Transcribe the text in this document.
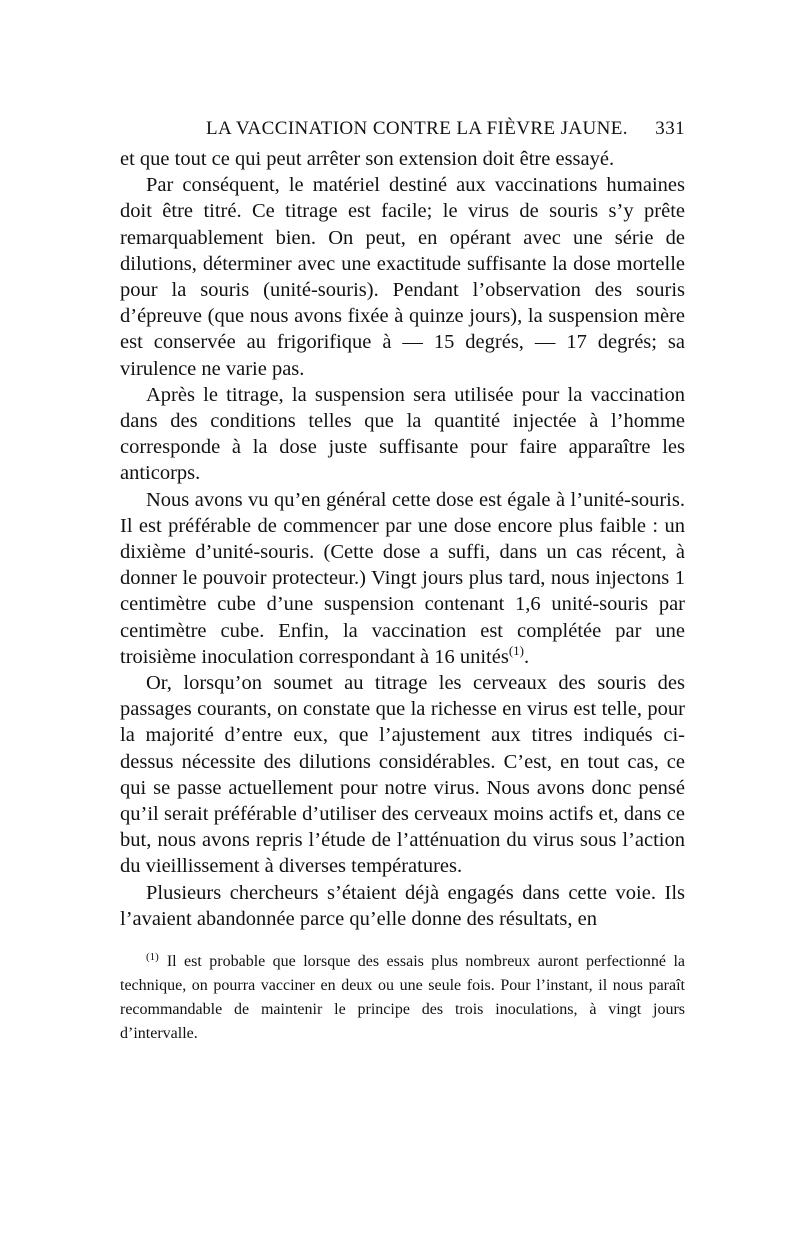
LA VACCINATION CONTRE LA FIÈVRE JAUNE. 331

et que tout ce qui peut arrêter son extension doit être essayé.

Par conséquent, le matériel destiné aux vaccinations humaines doit être titré. Ce titrage est facile; le virus de souris s’y prête remarquablement bien. On peut, en opérant avec une série de dilutions, déterminer avec une exactitude suffisante la dose mortelle pour la souris (unité-souris). Pendant l’observation des souris d’épreuve (que nous avons fixée à quinze jours), la suspension mère est conservée au frigorifique à — 15 degrés, — 17 degrés; sa virulence ne varie pas.

Après le titrage, la suspension sera utilisée pour la vaccination dans des conditions telles que la quantité injectée à l’homme corresponde à la dose juste suffisante pour faire apparaître les anticorps.

Nous avons vu qu’en général cette dose est égale à l’unité-souris. Il est préférable de commencer par une dose encore plus faible : un dixième d’unité-souris. (Cette dose a suffi, dans un cas récent, à donner le pouvoir protecteur.) Vingt jours plus tard, nous injectons 1 centimètre cube d’une suspension contenant 1,6 unité-souris par centimètre cube. Enfin, la vaccination est complétée par une troisième inoculation correspondant à 16 unités$^{(1)}$.

Or, lorsqu’on soumet au titrage les cerveaux des souris des passages courants, on constate que la richesse en virus est telle, pour la majorité d’entre eux, que l’ajustement aux titres indiqués ci-dessus nécessite des dilutions considérables. C’est, en tout cas, ce qui se passe actuellement pour notre virus. Nous avons donc pensé qu’il serait préférable d’utiliser des cerveaux moins actifs et, dans ce but, nous avons repris l’étude de l’atténuation du virus sous l’action du vieillissement à diverses températures.

Plusieurs chercheurs s’étaient déjà engagés dans cette voie. Ils l’avaient abandonnée parce qu’elle donne des résultats, en

$^{(1)}$ Il est probable que lorsque des essais plus nombreux auront perfectionné la technique, on pourra vacciner en deux ou une seule fois. Pour l’instant, il nous paraît recommandable de maintenir le principe des trois inoculations, à vingt jours d’intervalle.
